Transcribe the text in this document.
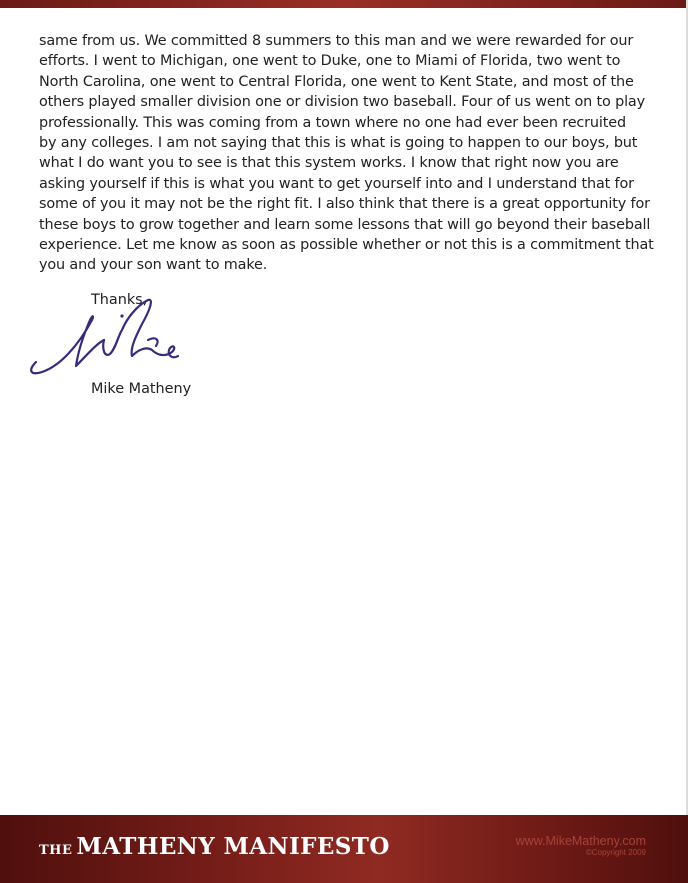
same from us. We committed 8 summers to this man and we were rewarded for our
efforts. I went to Michigan, one went to Duke, one to Miami of Florida, two went to
North Carolina, one went to Central Florida, one went to Kent State, and most of the
others played smaller division one or division two baseball. Four of us went on to play
professionally. This was coming from a town where no one had ever been recruited
by any colleges. I am not saying that this is what is going to happen to our boys, but
what I do want you to see is that this system works. I know that right now you are
asking yourself if this is what you want to get yourself into and I understand that for
some of you it may not be the right fit. I also think that there is a great opportunity for
these boys to grow together and learn some lessons that will go beyond their baseball
experience. Let me know as soon as possible whether or not this is a commitment that
you and your son want to make.

Thanks,
Mike Matheny
THE MATHENY MANIFESTO	www.MikeMatheny.com
©Copyright 2009
